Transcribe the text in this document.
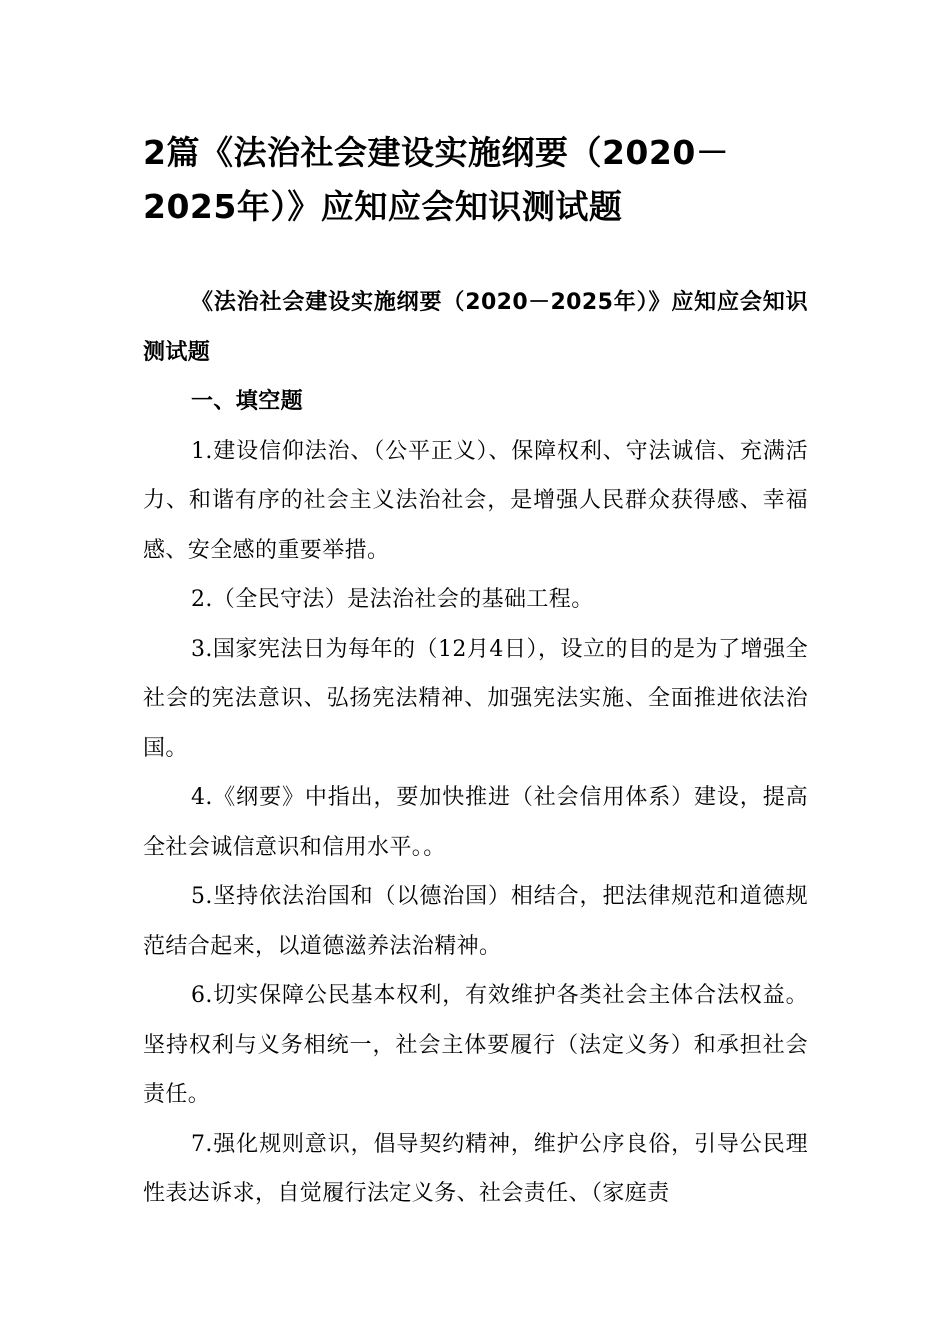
2篇《法治社会建设实施纲要（2020－2025年）》应知应会知识测试题

《法治社会建设实施纲要（2020－2025年）》应知应会知识测试题

一、填空题

1.建设信仰法治、（公平正义）、保障权利、守法诚信、充满活力、和谐有序的社会主义法治社会，是增强人民群众获得感、幸福感、安全感的重要举措。

2.（全民守法）是法治社会的基础工程。

3.国家宪法日为每年的（12月4日），设立的目的是为了增强全社会的宪法意识、弘扬宪法精神、加强宪法实施、全面推进依法治国。

4.《纲要》中指出，要加快推进（社会信用体系）建设，提高全社会诚信意识和信用水平。。

5.坚持依法治国和（以德治国）相结合，把法律规范和道德规范结合起来，以道德滋养法治精神。

6.切实保障公民基本权利，有效维护各类社会主体合法权益。坚持权利与义务相统一，社会主体要履行（法定义务）和承担社会责任。

7.强化规则意识，倡导契约精神，维护公序良俗，引导公民理性表达诉求，自觉履行法定义务、社会责任、（家庭责
